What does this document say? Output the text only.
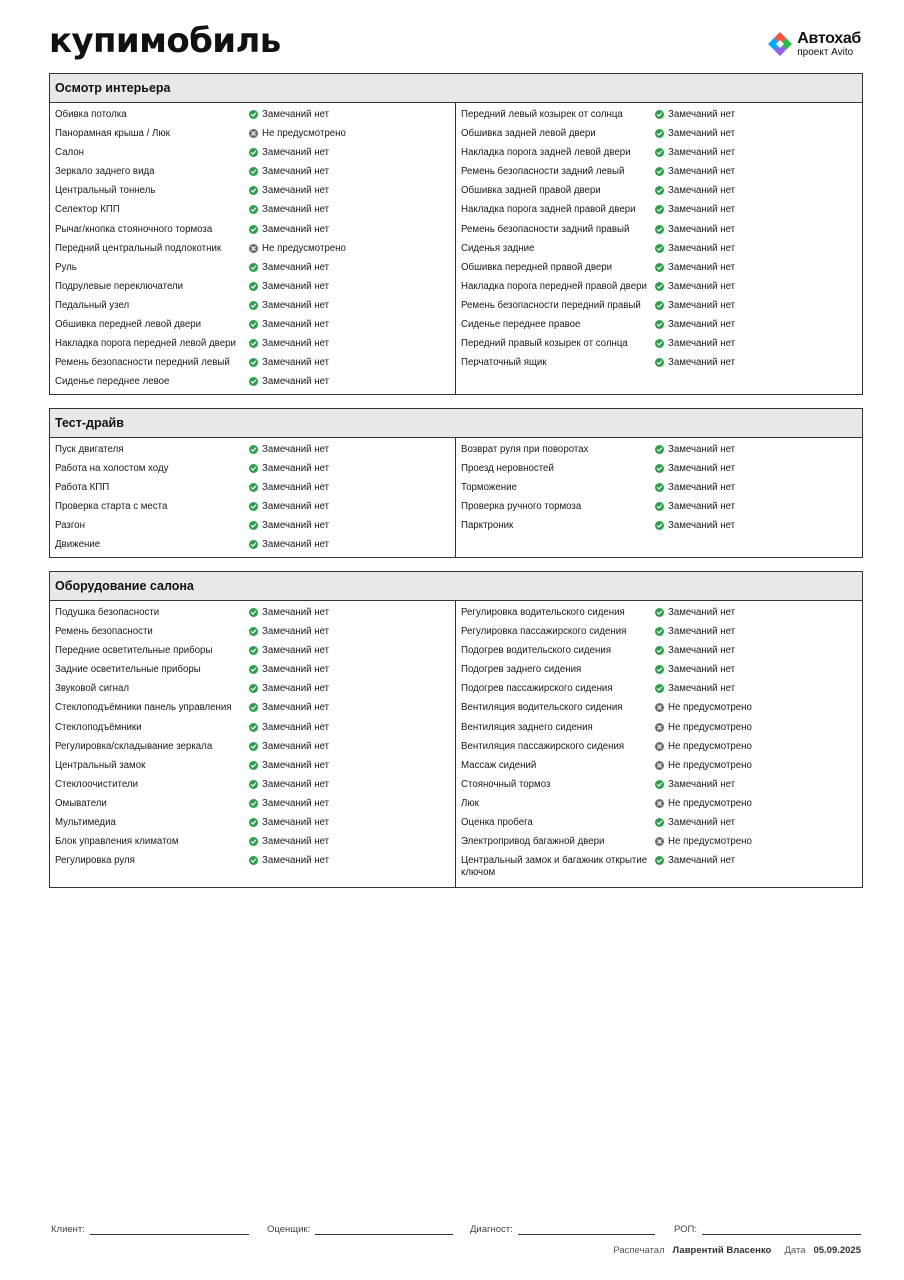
купимобиль	Автохаб
проект Avito
Осмотр интерьера
Обивка потолка	Замечаний нет
Панорамная крыша / Люк	Не предусмотрено
Салон	Замечаний нет
Зеркало заднего вида	Замечаний нет
Центральный тоннель	Замечаний нет
Селектор КПП	Замечаний нет
Рычаг/кнопка стояночного тормоза	Замечаний нет
Передний центральный подлокотник	Не предусмотрено
Руль	Замечаний нет
Подрулевые переключатели	Замечаний нет
Педальный узел	Замечаний нет
Обшивка передней левой двери	Замечаний нет
Накладка порога передней левой двери	Замечаний нет
Ремень безопасности передний левый	Замечаний нет
Сиденье переднее левое	Замечаний нет
Передний левый козырек от солнца	Замечаний нет
Обшивка задней левой двери	Замечаний нет
Накладка порога задней левой двери	Замечаний нет
Ремень безопасности задний левый	Замечаний нет
Обшивка задней правой двери	Замечаний нет
Накладка порога задней правой двери	Замечаний нет
Ремень безопасности задний правый	Замечаний нет
Сиденья задние	Замечаний нет
Обшивка передней правой двери	Замечаний нет
Накладка порога передней правой двери	Замечаний нет
Ремень безопасности передний правый	Замечаний нет
Сиденье переднее правое	Замечаний нет
Передний правый козырек от солнца	Замечаний нет
Перчаточный ящик	Замечаний нет
Тест-драйв
Пуск двигателя	Замечаний нет
Работа на холостом ходу	Замечаний нет
Работа КПП	Замечаний нет
Проверка старта с места	Замечаний нет
Разгон	Замечаний нет
Движение	Замечаний нет
Возврат руля при поворотах	Замечаний нет
Проезд неровностей	Замечаний нет
Торможение	Замечаний нет
Проверка ручного тормоза	Замечаний нет
Парктроник	Замечаний нет
Оборудование салона
Подушка безопасности	Замечаний нет
Ремень безопасности	Замечаний нет
Передние осветительные приборы	Замечаний нет
Задние осветительные приборы	Замечаний нет
Звуковой сигнал	Замечаний нет
Стеклоподъёмники панель управления	Замечаний нет
Стеклоподъёмники	Замечаний нет
Регулировка/складывание зеркала	Замечаний нет
Центральный замок	Замечаний нет
Стеклоочистители	Замечаний нет
Омыватели	Замечаний нет
Мультимедиа	Замечаний нет
Блок управления климатом	Замечаний нет
Регулировка руля	Замечаний нет
Регулировка водительского сидения	Замечаний нет
Регулировка пассажирского сидения	Замечаний нет
Подогрев водительского сидения	Замечаний нет
Подогрев заднего сидения	Замечаний нет
Подогрев пассажирского сидения	Замечаний нет
Вентиляция водительского сидения	Не предусмотрено
Вентиляция заднего сидения	Не предусмотрено
Вентиляция пассажирского сидения	Не предусмотрено
Массаж сидений	Не предусмотрено
Стояночный тормоз	Замечаний нет
Люк	Не предусмотрено
Оценка пробега	Замечаний нет
Электропривод багажной двери	Не предусмотрено
Центральный замок и багажник открытие ключом
Замечаний нет
Клиент:	Оценщик:	Диагност:	РОП:
Распечатал Лаврентий Власенко Дата 05.09.2025
